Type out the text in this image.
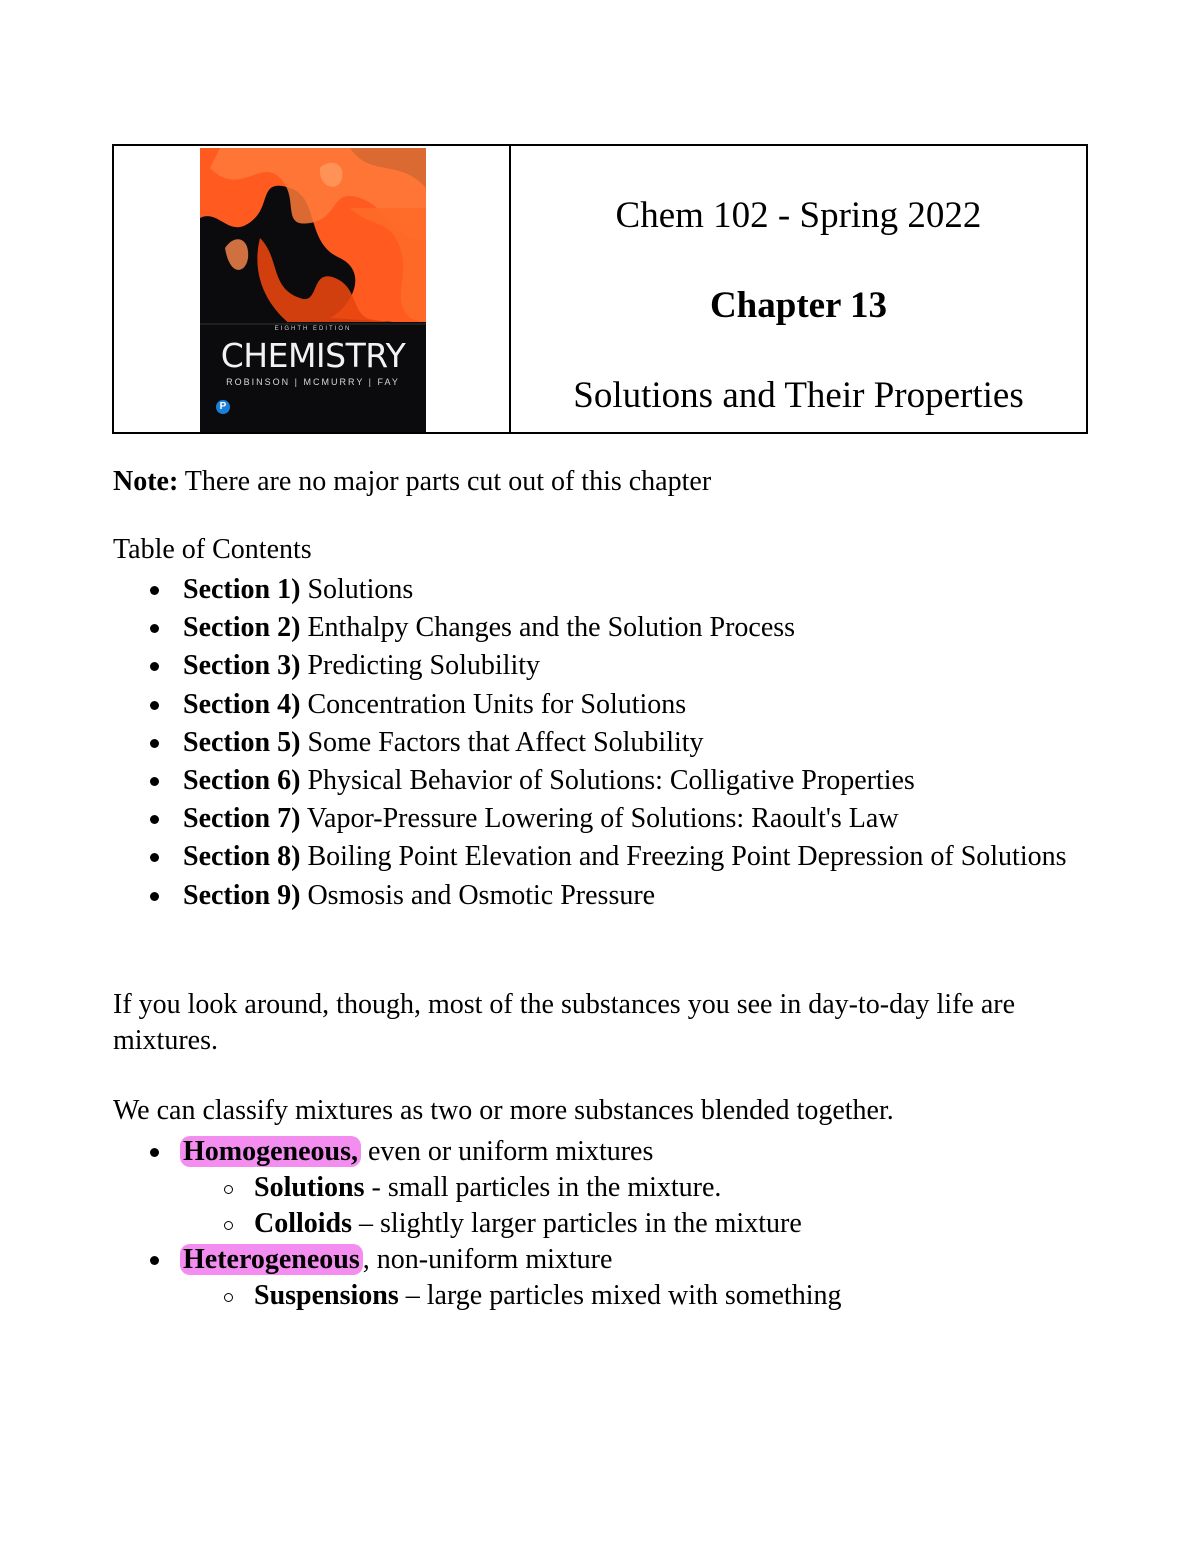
EIGHTH EDITION
CHEMISTRY
ROBINSON | MCMURRY | FAY
P
Chem 102 - Spring 2022
Chapter 13
Solutions and Their Properties
Note: There are no major parts cut out of this chapter
Table of Contents
Section 1) Solutions
Section 2) Enthalpy Changes and the Solution Process
Section 3) Predicting Solubility
Section 4) Concentration Units for Solutions
Section 5) Some Factors that Affect Solubility
Section 6) Physical Behavior of Solutions: Colligative Properties
Section 7) Vapor-Pressure Lowering of Solutions: Raoult's Law
Section 8) Boiling Point Elevation and Freezing Point Depression of Solutions
Section 9) Osmosis and Osmotic Pressure
If you look around, though, most of the substances you see in day-to-day life are mixtures.
We can classify mixtures as two or more substances blended together.
Homogeneous, even or uniform mixtures
Solutions - small particles in the mixture.
Colloids – slightly larger particles in the mixture
Heterogeneous , non-uniform mixture
Suspensions – large particles mixed with something
